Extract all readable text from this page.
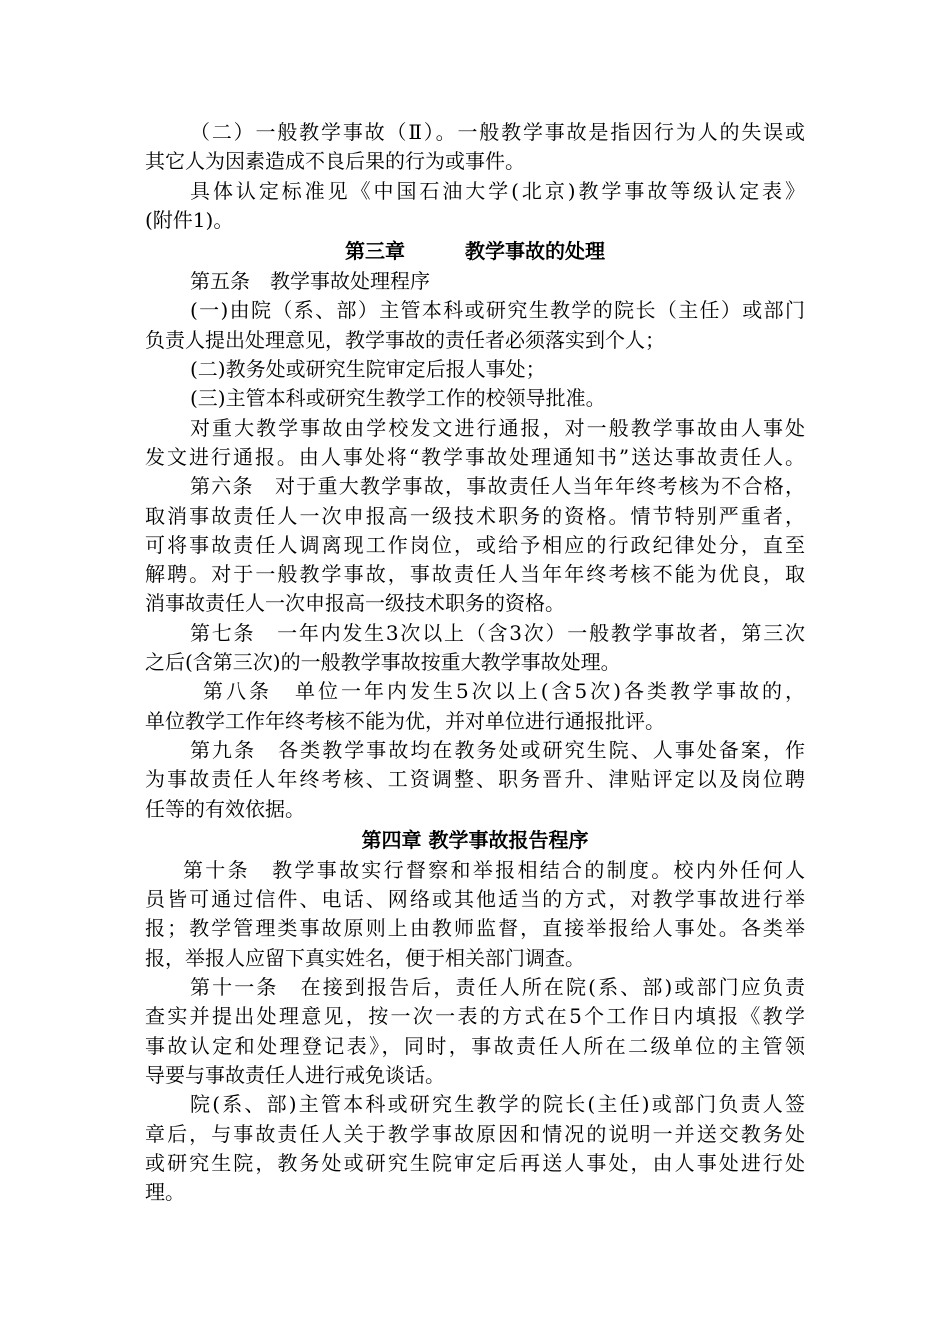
（二）一般教学事故（Ⅱ）。一般教学事故是指因行为人的失误或
其它人为因素造成不良后果的行为或事件。
具体认定标准见《中国石油大学(北京)教学事故等级认定表》
(附件1)。
第三章　　　教学事故的处理
第五条　教学事故处理程序
(一)由院（系、部）主管本科或研究生教学的院长（主任）或部门
负责人提出处理意见，教学事故的责任者必须落实到个人；
(二)教务处或研究生院审定后报人事处；
(三)主管本科或研究生教学工作的校领导批准。
对重大教学事故由学校发文进行通报，对一般教学事故由人事处
发文进行通报。由人事处将“教学事故处理通知书”送达事故责任人。
第六条　对于重大教学事故，事故责任人当年年终考核为不合格，
取消事故责任人一次申报高一级技术职务的资格。情节特别严重者，
可将事故责任人调离现工作岗位，或给予相应的行政纪律处分，直至
解聘。对于一般教学事故，事故责任人当年年终考核不能为优良，取
消事故责任人一次申报高一级技术职务的资格。
第七条　一年内发生3次以上（含3次）一般教学事故者，第三次
之后(含第三次)的一般教学事故按重大教学事故处理。
第八条　单位一年内发生5次以上(含5次)各类教学事故的，
单位教学工作年终考核不能为优，并对单位进行通报批评。
第九条　各类教学事故均在教务处或研究生院、人事处备案，作
为事故责任人年终考核、工资调整、职务晋升、津贴评定以及岗位聘
任等的有效依据。
第四章 教学事故报告程序
第十条　教学事故实行督察和举报相结合的制度。校内外任何人
员皆可通过信件、电话、网络或其他适当的方式，对教学事故进行举
报；教学管理类事故原则上由教师监督，直接举报给人事处。各类举
报，举报人应留下真实姓名，便于相关部门调查。
第十一条　在接到报告后，责任人所在院(系、部)或部门应负责
查实并提出处理意见，按一次一表的方式在5个工作日内填报《教学
事故认定和处理登记表》，同时，事故责任人所在二级单位的主管领
导要与事故责任人进行戒免谈话。
院(系、部)主管本科或研究生教学的院长(主任)或部门负责人签
章后，与事故责任人关于教学事故原因和情况的说明一并送交教务处
或研究生院，教务处或研究生院审定后再送人事处，由人事处进行处
理。
